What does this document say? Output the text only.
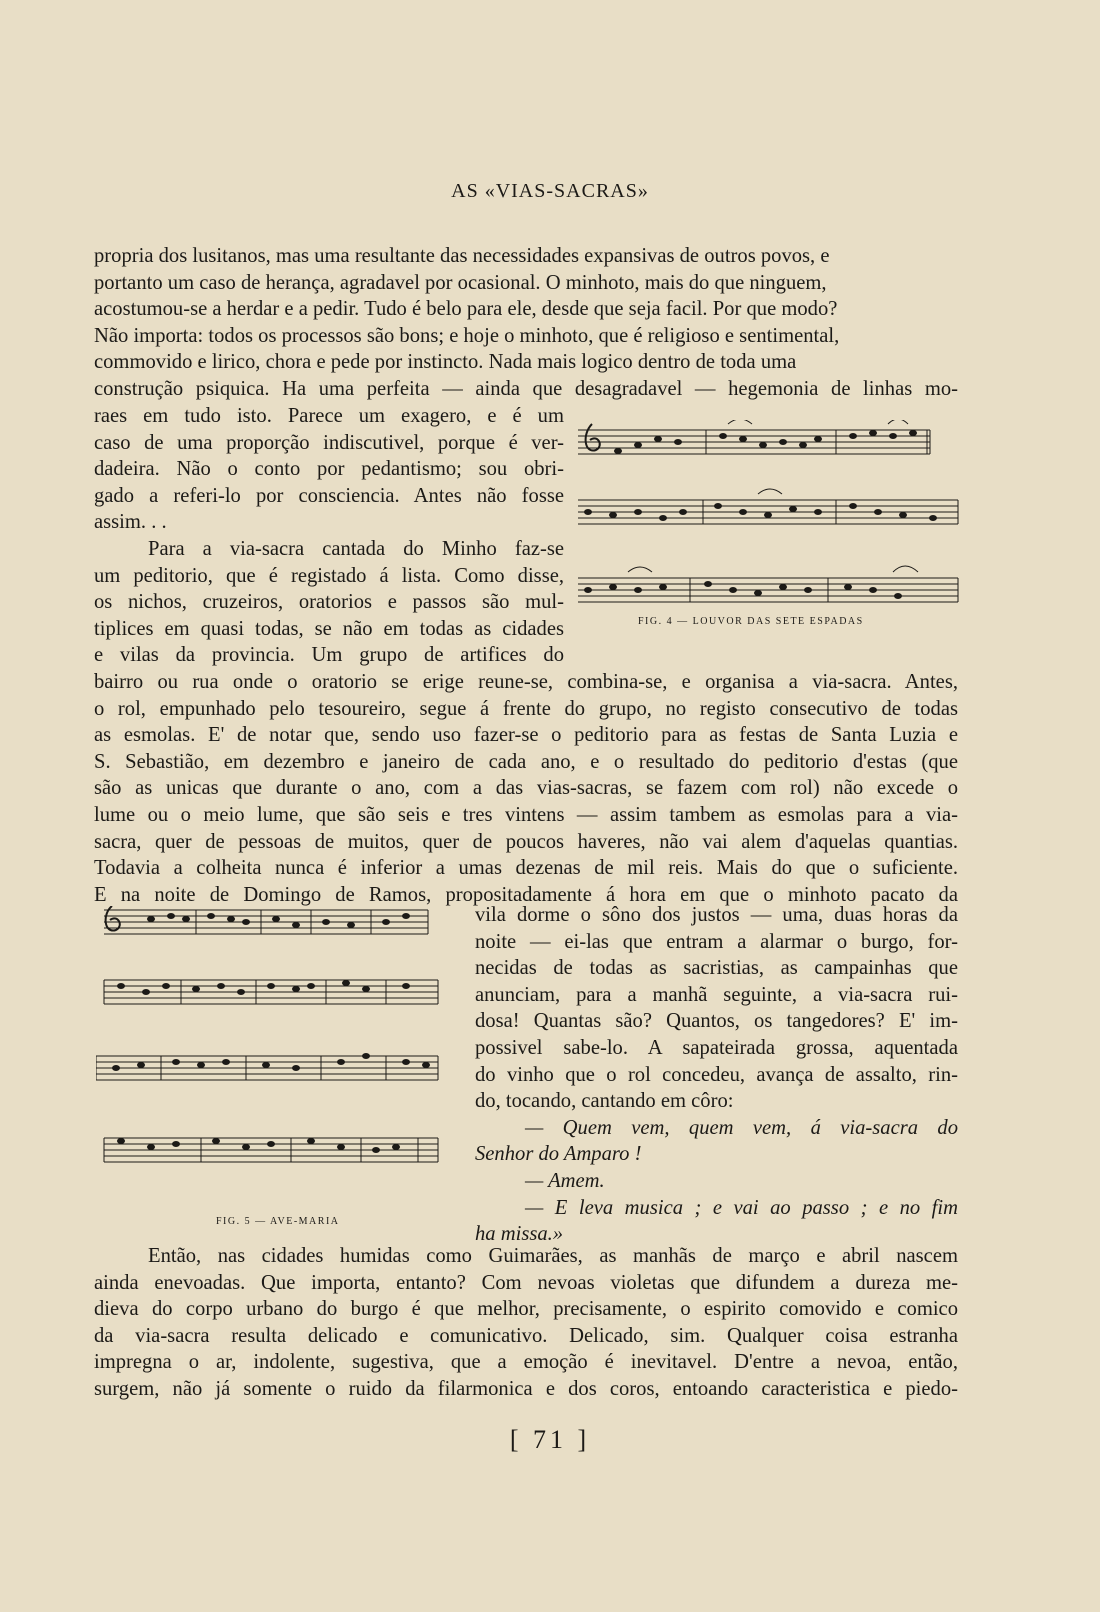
AS «VIAS-SACRAS»

propria dos lusitanos, mas uma resultante das necessidades expansivas de outros povos, e

portanto um caso de herança, agradavel por ocasional. O minhoto, mais do que ninguem,

acostumou-se a herdar e a pedir. Tudo é belo para ele, desde que seja facil. Por que modo?

Não importa: todos os processos são bons; e hoje o minhoto, que é religioso e sentimental,

commovido e lirico, chora e pede por instincto. Nada mais logico dentro de toda uma

construção psiquica. Ha uma perfeita — ainda que desagradavel — hegemonia de linhas mo-

raes em tudo isto. Parece um exagero, e é um

caso de uma proporção indiscutivel, porque é ver-

dadeira. Não o conto por pedantismo; sou obri-

gado a referi-lo por consciencia. Antes não fosse

assim. . .

Para a via-sacra cantada do Minho faz-se

um peditorio, que é registado á lista. Como disse,

os nichos, cruzeiros, oratorios e passos são mul-

tiplices em quasi todas, se não em todas as cidades

e vilas da provincia. Um grupo de artifices do

FIG. 4 — LOUVOR DAS SETE ESPADAS

bairro ou rua onde o oratorio se erige reune-se, combina-se, e organisa a via-sacra. Antes,

o rol, empunhado pelo tesoureiro, segue á frente do grupo, no registo consecutivo de todas

as esmolas. E' de notar que, sendo uso fazer-se o peditorio para as festas de Santa Luzia e

S. Sebastião, em dezembro e janeiro de cada ano, e o resultado do peditorio d'estas (que

são as unicas que durante o ano, com a das vias-sacras, se fazem com rol) não excede o

lume ou o meio lume, que são seis e tres vintens — assim tambem as esmolas para a via-

sacra, quer de pessoas de muitos, quer de poucos haveres, não vai alem d'aquelas quantias.

Todavia a colheita nunca é inferior a umas dezenas de mil reis. Mais do que o suficiente.

E na noite de Domingo de Ramos, propositadamente á hora em que o minhoto pacato da

FIG. 5 — AVE-MARIA

vila dorme o sôno dos justos — uma, duas horas da

noite — ei-las que entram a alarmar o burgo, for-

necidas de todas as sacristias, as campainhas que

anunciam, para a manhã seguinte, a via-sacra rui-

dosa! Quantas são? Quantos, os tangedores? E' im-

possivel sabe-lo. A sapateirada grossa, aquentada

do vinho que o rol concedeu, avança de assalto, rin-

do, tocando, cantando em côro:

— Quem vem, quem vem, á via-sacra do

Senhor do Amparo !

— Amem.

— E leva musica ; e vai ao passo ; e no fim

ha missa.»

Então, nas cidades humidas como Guimarães, as manhãs de março e abril nascem

ainda enevoadas. Que importa, entanto? Com nevoas violetas que difundem a dureza me-

dieva do corpo urbano do burgo é que melhor, precisamente, o espirito comovido e comico

da via-sacra resulta delicado e comunicativo. Delicado, sim. Qualquer coisa estranha

impregna o ar, indolente, sugestiva, que a emoção é inevitavel. D'entre a nevoa, então,

surgem, não já somente o ruido da filarmonica e dos coros, entoando caracteristica e piedo-

[ 71 ]
